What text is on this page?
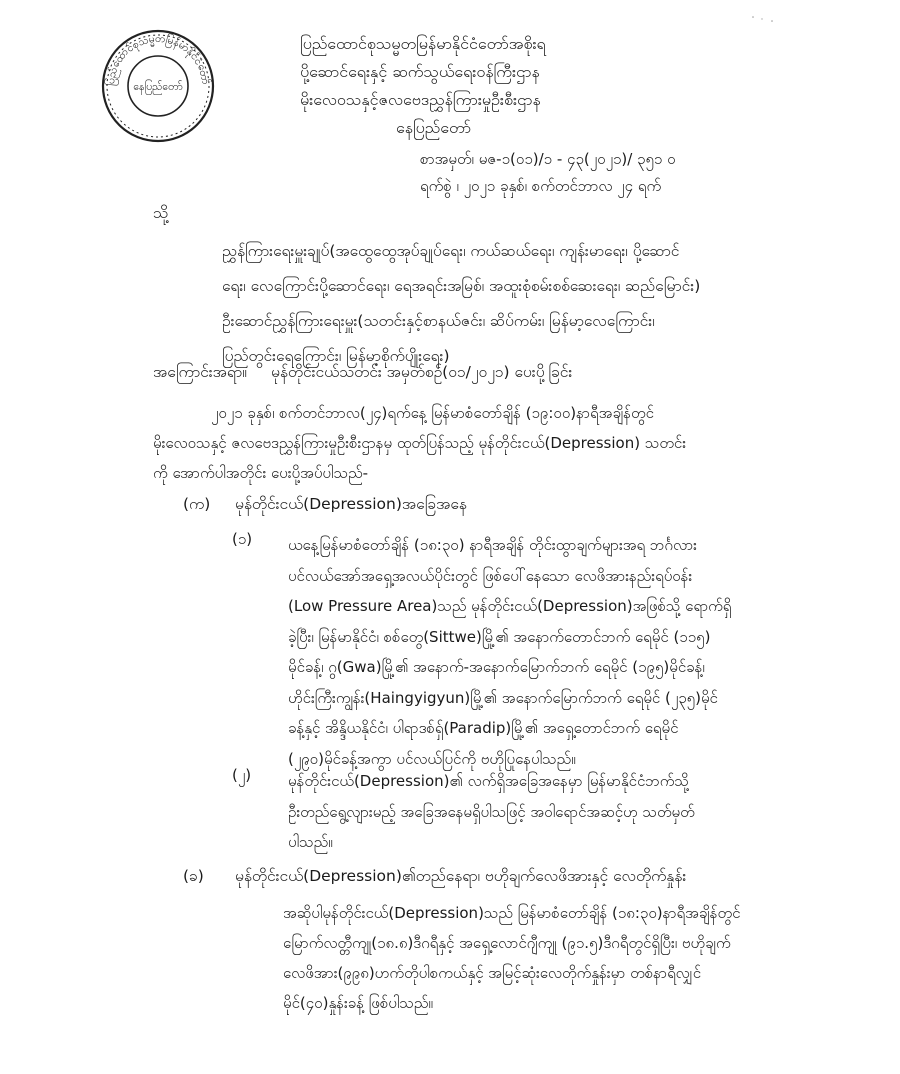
ပြည်ထောင်စုသမ္မတမြန်မာနိုင်ငံတော်
နေပြည်တော်
ပြည်ထောင်စုသမ္မတမြန်မာနိုင်ငံတော်အစိုးရ
ပို့ဆောင်ရေးနှင့် ဆက်သွယ်ရေးဝန်ကြီးဌာန
မိုးလေဝသနှင့်ဇလဗေဒညွှန်ကြားမှုဦးစီးဌာန
နေပြည်တော်
စာအမှတ်၊ မဇ-၁(၀၁)/၁ - ၄၃(၂၀၂၁)/ ၃၅၁ ၀
ရက်စွဲ ၊ ၂၀၂၁ ခုနှစ်၊ စက်တင်ဘာလ ၂၄ ရက်
သို့
ညွှန်ကြားရေးမှူးချုပ်(အထွေထွေအုပ်ချုပ်ရေး၊ ကယ်ဆယ်ရေး၊ ကျန်းမာရေး၊ ပို့ဆောင်
ရေး၊ လေကြောင်းပို့ဆောင်ရေး၊ ရေအရင်းအမြစ်၊ အထူးစုံစမ်းစစ်ဆေးရေး၊ ဆည်မြောင်း)
ဦးဆောင်ညွှန်ကြားရေးမှူး(သတင်းနှင့်စာနယ်ဇင်း၊ ဆိပ်ကမ်း၊ မြန်မာ့လေကြောင်း၊
ပြည်တွင်းရေကြောင်း၊ မြန်မာ့စိုက်ပျိုးရေး)
အကြောင်းအရာ။ မုန်တိုင်းငယ်သတင်း အမှတ်စဉ်(၀၁/၂၀၂၁) ပေးပို့ခြင်း
၂၀၂၁ ခုနှစ်၊ စက်တင်ဘာလ(၂၄)ရက်နေ့ မြန်မာစံတော်ချိန် (၁၉:၀၀)နာရီအချိန်တွင်
မိုးလေဝသနှင့် ဇလဗေဒညွှန်ကြားမှုဦးစီးဌာနမှ ထုတ်ပြန်သည့် မုန်တိုင်းငယ်(Depression) သတင်း
ကို အောက်ပါအတိုင်း ပေးပို့အပ်ပါသည်-
(က) မုန်တိုင်းငယ်(Depression)အခြေအနေ
(၁) ယနေ့မြန်မာစံတော်ချိန် (၁၈:၃၀) နာရီအချိန် တိုင်းထွာချက်များအရ ဘင်္ဂလား
ပင်လယ်အော်အရှေ့အလယ်ပိုင်းတွင် ဖြစ်ပေါ်နေသော လေဖိအားနည်းရပ်ဝန်း
(Low Pressure Area)သည် မုန်တိုင်းငယ်(Depression)အဖြစ်သို့ ရောက်ရှိ
ခဲ့ပြီး၊ မြန်မာနိုင်ငံ၊ စစ်တွေ(Sittwe)မြို့၏ အနောက်တောင်ဘက် ရေမိုင် (၁၁၅)
မိုင်ခန့်၊ ဂွ(Gwa)မြို့၏ အနောက်-အနောက်မြောက်ဘက် ရေမိုင် (၁၉၅)မိုင်ခန့်၊
ဟိုင်းကြီးကျွန်း(Haingyigyun)မြို့၏ အနောက်မြောက်ဘက် ရေမိုင် (၂၃၅)မိုင်
ခန့်နှင့် အိန္ဒိယနိုင်ငံ၊ ပါရာဒစ်ရှ်(Paradip)မြို့၏ အရှေ့တောင်ဘက် ရေမိုင်
(၂၉၀)မိုင်ခန့်အကွာ ပင်လယ်ပြင်ကို ဗဟိုပြုနေပါသည်။
(၂) မုန်တိုင်းငယ်(Depression)၏ လက်ရှိအခြေအနေမှာ မြန်မာနိုင်ငံဘက်သို့
ဦးတည်ရွေ့လျားမည့် အခြေအနေမရှိပါသဖြင့် အဝါရောင်အဆင့်ဟု သတ်မှတ်
ပါသည်။
(ခ) မုန်တိုင်းငယ်(Depression)၏တည်နေရာ၊ ဗဟိုချက်လေဖိအားနှင့် လေတိုက်နှုန်း
အဆိုပါမုန်တိုင်းငယ်(Depression)သည် မြန်မာစံတော်ချိန် (၁၈:၃၀)နာရီအချိန်တွင်
မြောက်လတ္တီကျု(၁၈.၈)ဒီဂရီနှင့် အရှေ့လောင်ဂျီကျု (၉၁.၅)ဒီဂရီတွင်ရှိပြီး၊ ဗဟိုချက်
လေဖိအား(၉၉၈)ဟက်တိုပါစကယ်နှင့် အမြင့်ဆုံးလေတိုက်နှုန်းမှာ တစ်နာရီလျှင်
မိုင်(၄၀)နှုန်းခန့် ဖြစ်ပါသည်။
